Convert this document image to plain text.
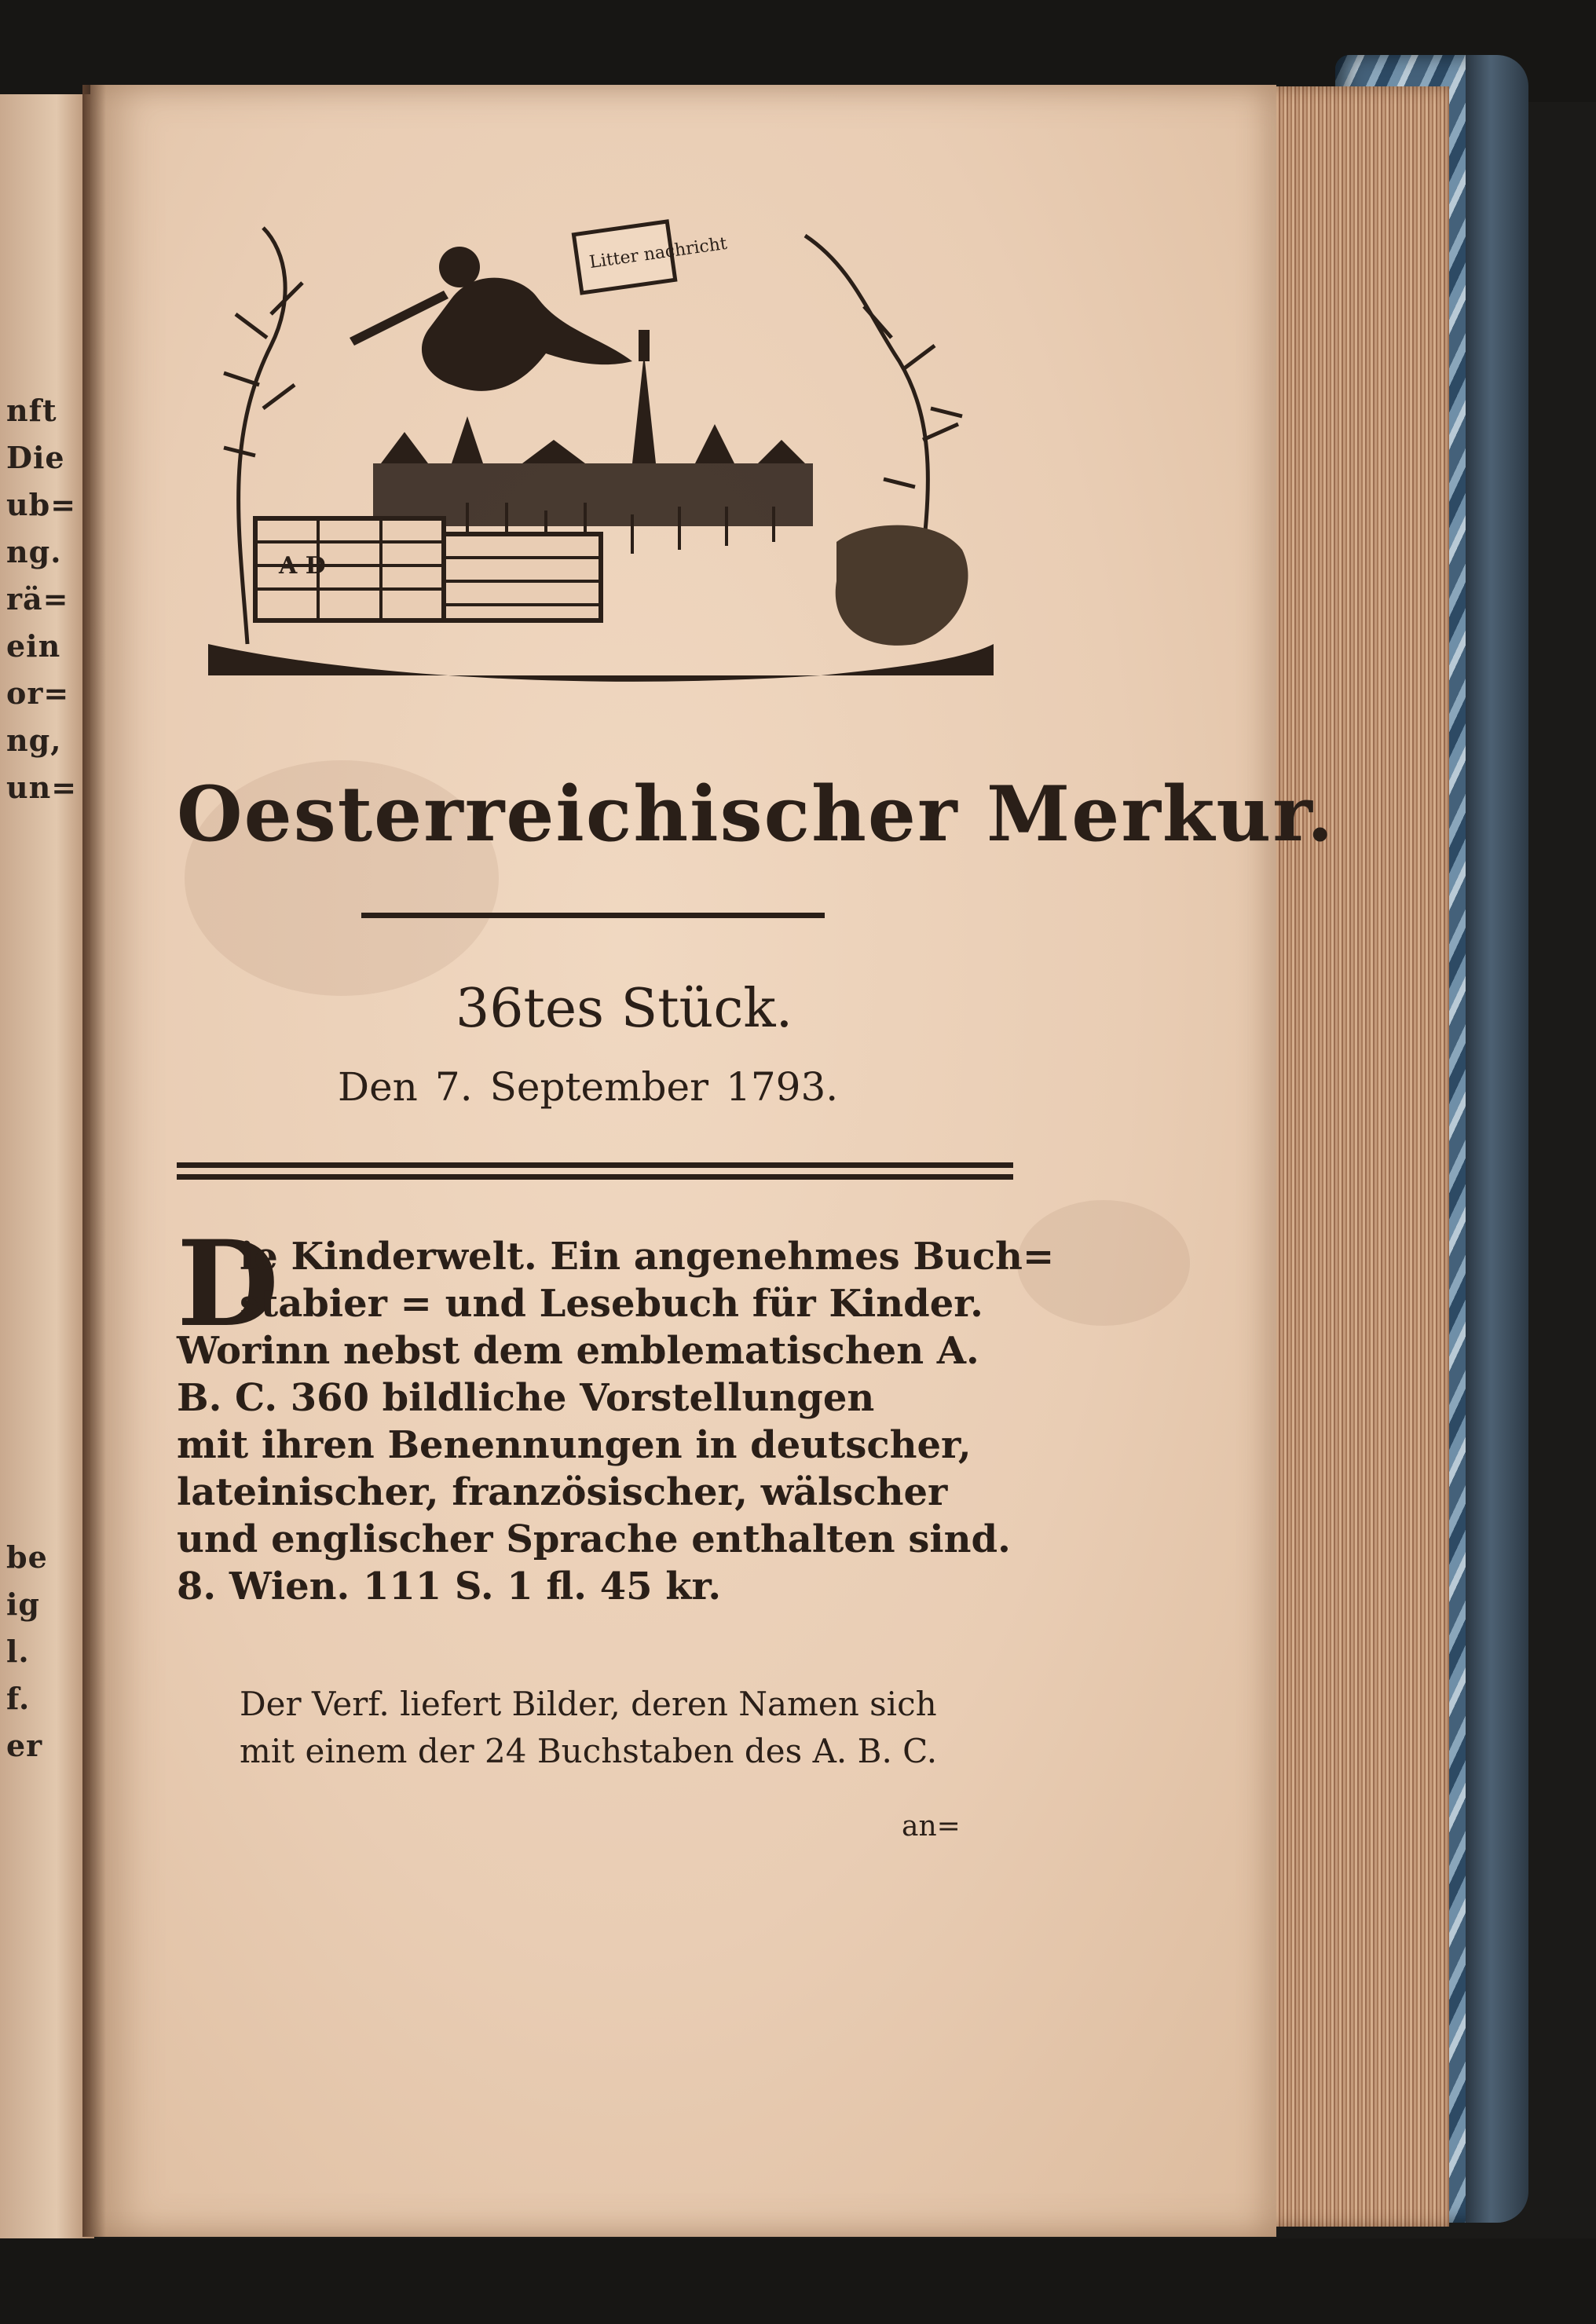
nft
Die
ub=
ng.
rä=
ein
or=
ng,
un=
be
ig
l.
f.
er
Litter nachricht
A D
Oesterreichischer Merkur.
36tes Stück.
Den 7. September 1793.
D
ie Kinderwelt. Ein angenehmes Buch=
stabier = und Lesebuch für Kinder.
Worinn nebst dem emblematischen A.
B. C. 360 bildliche Vorstellungen
mit ihren Benennungen in deutscher,
lateinischer, französischer, wälscher
und englischer Sprache enthalten sind.
8. Wien. 111 S. 1 fl. 45 kr.
Der Verf. liefert Bilder, deren Namen sich
mit einem der 24 Buchstaben des A. B. C.
an=
